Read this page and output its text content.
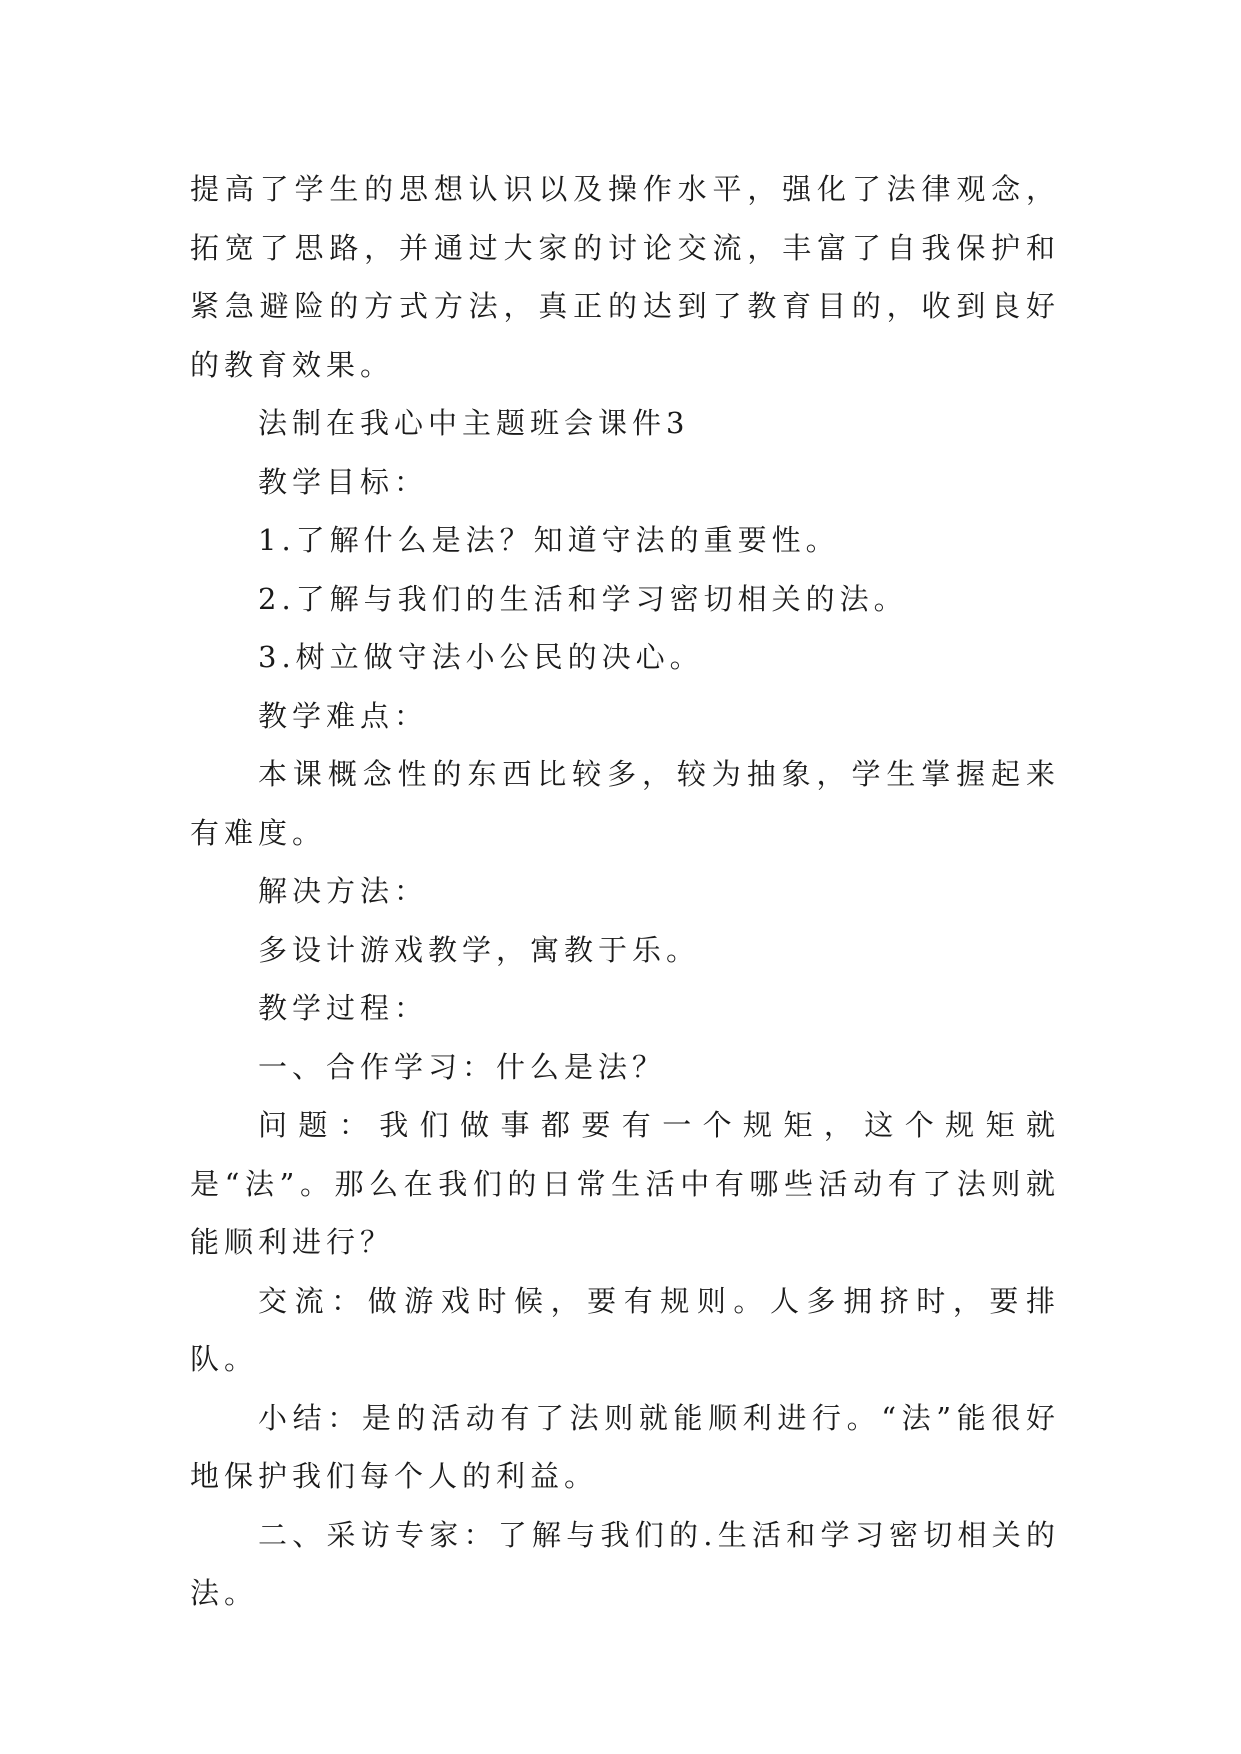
提高了学生的思想认识以及操作水平，强化了法律观念，拓宽了思路，并通过大家的讨论交流，丰富了自我保护和紧急避险的方式方法，真正的达到了教育目的，收到良好的教育效果。

法制在我心中主题班会课件3

教学目标：

1.了解什么是法？知道守法的重要性。

2.了解与我们的生活和学习密切相关的法。

3.树立做守法小公民的决心。

教学难点：

本课概念性的东西比较多，较为抽象，学生掌握起来有难度。

解决方法：

多设计游戏教学，寓教于乐。

教学过程：

一、合作学习：什么是法？

问题：我们做事都要有一个规矩，这个规矩就是“法”。那么在我们的日常生活中有哪些活动有了法则就能顺利进行？

交流：做游戏时候，要有规则。人多拥挤时，要排队。

小结：是的活动有了法则就能顺利进行。“法”能很好地保护我们每个人的利益。

二、采访专家：了解与我们的.生活和学习密切相关的法。
